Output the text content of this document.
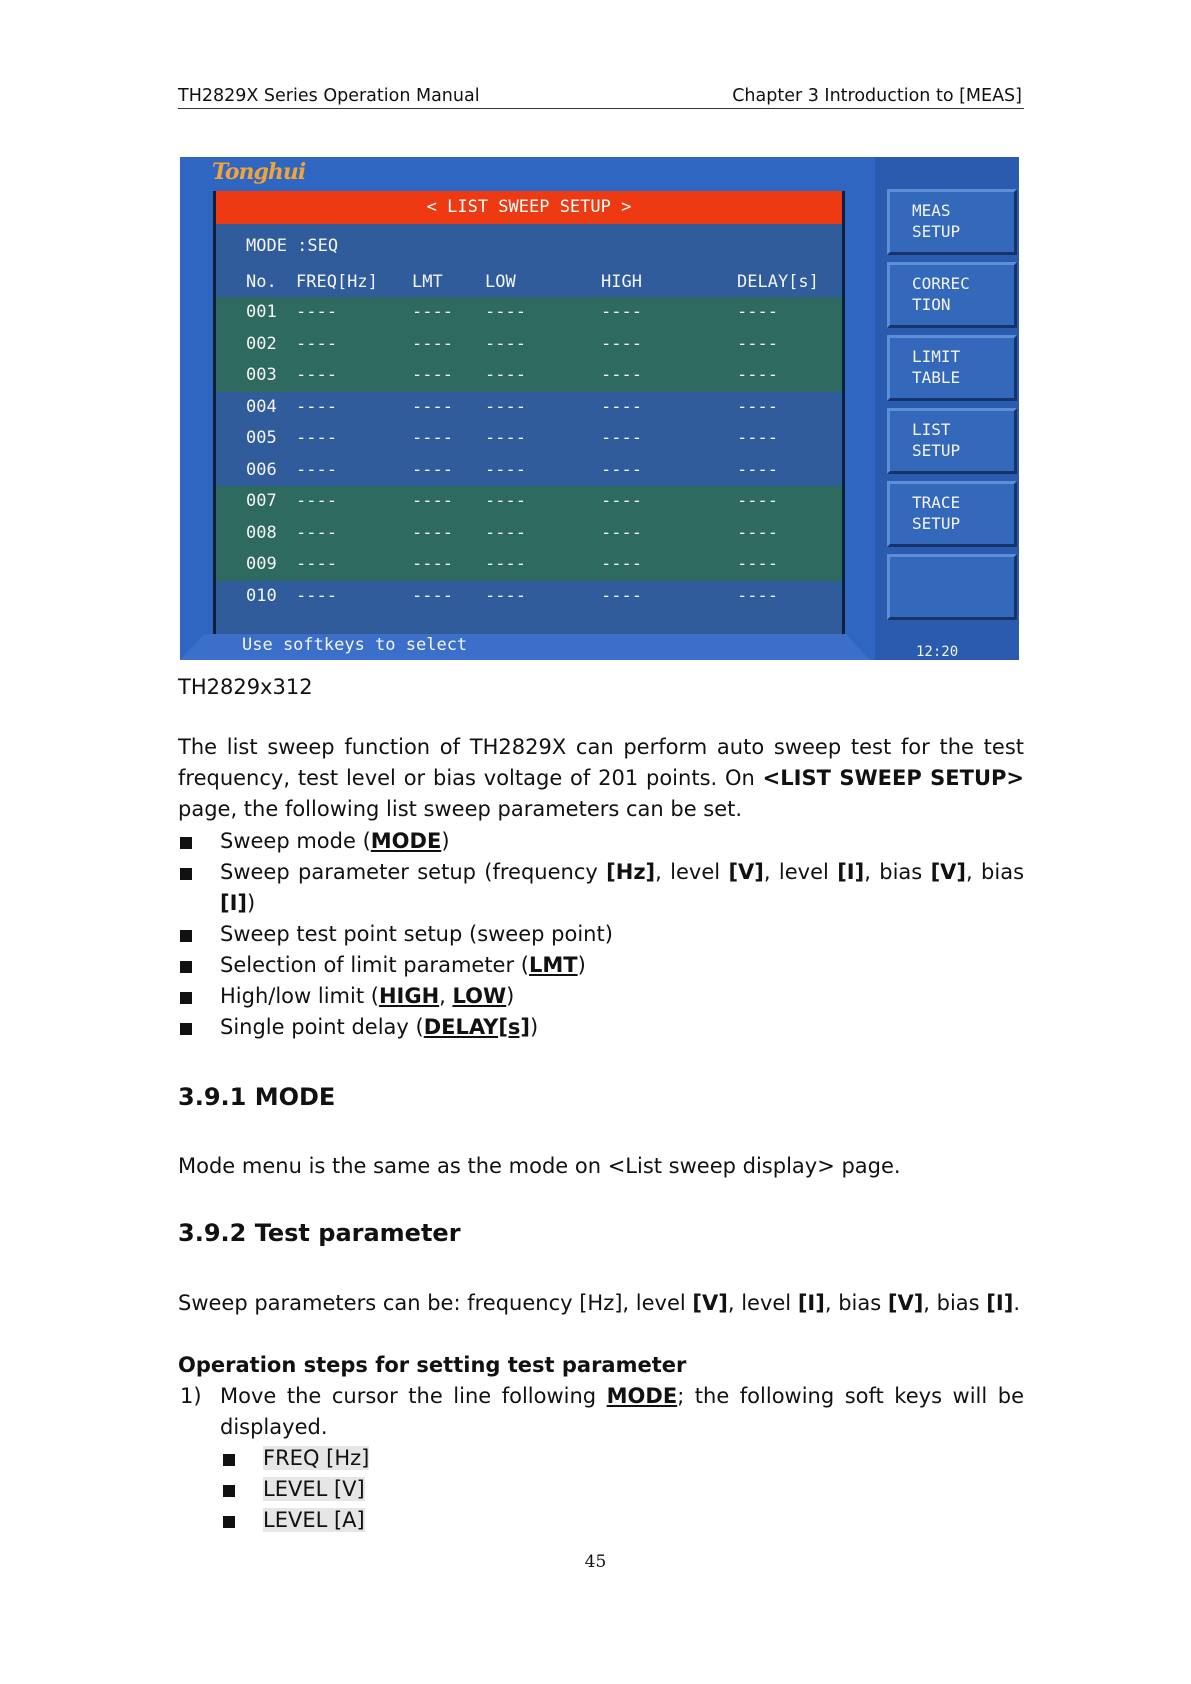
TH2829X Series Operation Manual	Chapter 3 Introduction to [MEAS]
Tonghui
< LIST SWEEP SETUP >
MODE :SEQ
No. FREQ[Hz] LMT LOW	HIGH	DELAY[s]
001 ----	---- ----	----	----
002 ----	---- ----	----	----
003 ----	---- ----	----	----
004 ----	---- ----	----	----
005 ----	---- ----	----	----
006 ----	---- ----	----	----
007 ----	---- ----	----	----
008 ----	---- ----	----	----
009 ----	---- ----	----	----
010 ----	---- ----	----	----
Use softkeys to select
MEAS
SETUP
CORREC
TION
LIMIT
TABLE
LIST
SETUP
TRACE
SETUP
12:20
TH2829x312
The list sweep function of TH2829X can perform auto sweep test for the test frequency, test level or bias voltage of 201 points. On <LIST SWEEP SETUP> page, the following list sweep parameters can be set.
Sweep mode (MODE)
Sweep parameter setup (frequency [Hz], level [V], level [I], bias [V], bias [I])
Sweep test point setup (sweep point)
Selection of limit parameter (LMT)
High/low limit (HIGH, LOW)
Single point delay (DELAY[s])
3.9.1 MODE
Mode menu is the same as the mode on <List sweep display> page.
3.9.2 Test parameter
Sweep parameters can be: frequency [Hz], level [V], level [I], bias [V], bias [I].
Operation steps for setting test parameter
1) Move the cursor the line following MODE; the following soft keys will be displayed.
FREQ [Hz]
LEVEL [V]
LEVEL [A]
45
